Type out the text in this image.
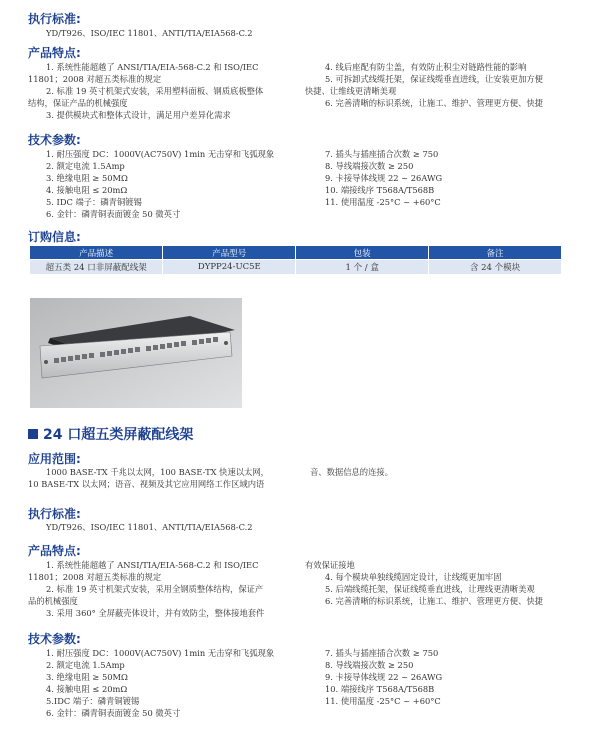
执行标准:
YD/T926、ISO/IEC 11801、ANTI/TIA/EIA568-C.2
产品特点:
1. 系统性能超越了 ANSI/TIA/EIA-568-C.2 和 ISO/IEC
11801；2008 对超五类标准的规定
2. 标准 19 英寸机架式安装，采用塑料面板、钢质底板整体
结构，保证产品的机械强度
3. 提供模块式和整体式设计，满足用户差异化需求
4. 线后座配有防尘盖，有效防止积尘对链路性能的影响
5. 可拆卸式线缆托架，保证线缆垂直进线，让安装更加方便
快捷、让维线更清晰美观
6. 完善清晰的标识系统，让施工、维护、管理更方便、快捷
技术参数:
1. 耐压强度 DC：1000V(AC750V) 1min 无击穿和飞弧现象
2. 额定电流 1.5Amp
3. 绝缘电阻 ≥ 50MΩ
4. 接触电阻 ≤ 20mΩ
5. IDC 端子：磷青铜镀锡
6. 金针：磷青铜表面镀金 50 微英寸
7. 插头与插座插合次数 ≥ 750
8. 导线端接次数 ≥ 250
9. 卡接导体线规 22 ~ 26AWG
10. 端接线序 T568A/T568B
11. 使用温度 -25°C ~ +60°C
订购信息:
产品描述	产品型号	包装	备注
超五类 24 口非屏蔽配线架	DYPP24-UC5E	1 个 / 盒	含 24 个模块
24 口超五类屏蔽配线架
应用范围:
1000 BASE-TX 千兆以太网，100 BASE-TX 快速以太网，
10 BASE-TX 以太网；语音、视频及其它应用网络工作区域内语
音、数据信息的连接。
执行标准:
YD/T926、ISO/IEC 11801、ANTI/TIA/EIA568-C.2
产品特点:
1. 系统性能超越了 ANSI/TIA/EIA-568-C.2 和 ISO/IEC
11801；2008 对超五类标准的规定
2. 标准 19 英寸机架式安装，采用全钢质整体结构，保证产
品的机械强度
3. 采用 360° 全屏蔽壳体设计，并有效防尘，整体接地套件
有效保证接地
4. 每个模块单独线缆固定设计，让线缆更加牢固
5. 后端线缆托架，保证线缆垂直进线，让理线更清晰美观
6. 完善清晰的标识系统，让施工、维护、管理更方便、快捷
技术参数:
1. 耐压强度 DC：1000V(AC750V) 1min 无击穿和飞弧现象
2. 额定电流 1.5Amp
3. 绝缘电阻 ≥ 50MΩ
4. 接触电阻 ≤ 20mΩ
5.IDC 端子：磷青铜镀锡
6. 金针：磷青铜表面镀金 50 微英寸
7. 插头与插座插合次数 ≥ 750
8. 导线端接次数 ≥ 250
9. 卡接导体线规 22 ~ 26AWG
10. 端接线序 T568A/T568B
11. 使用温度 -25°C ~ +60°C
